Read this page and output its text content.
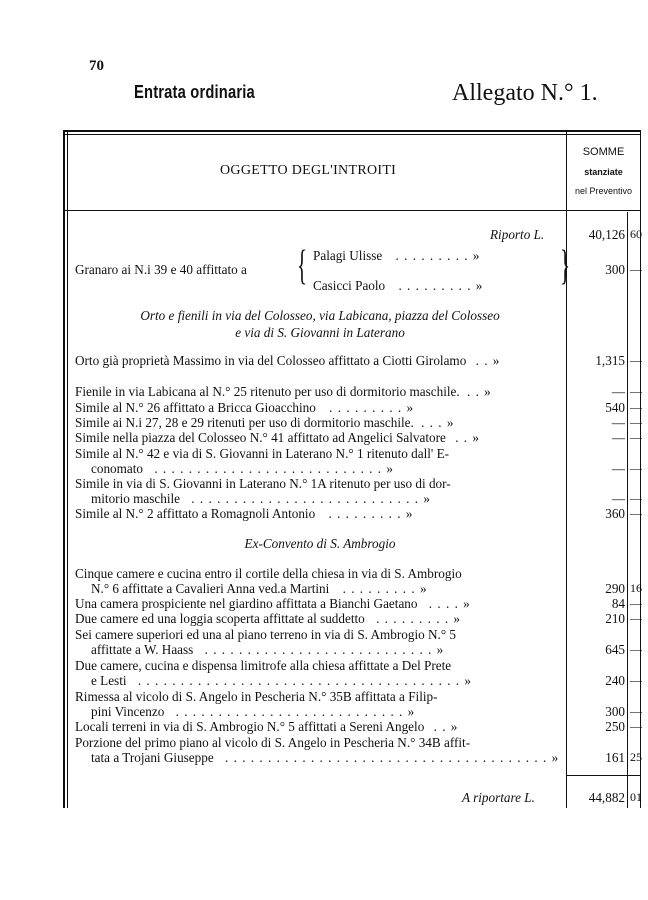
70
Entrata ordinaria	Allegato N.° 1.
OGGETTO DEGL'INTROITI
SOMME
stanziate
nel Preventivo
Riporto L.	40,126 60
Granaro ai N.i 39 e 40 affittato a { Palagi Ulisse . . . . . . . . . »
Casicci Paolo . . . . . . . . . » }	300 —
Orto e fienili in via del Colosseo, via Labicana, piazza del Colosseo
e via di S. Giovanni in Laterano
Orto già proprietà Massimo in via del Colosseo affittato a Ciotti Girolamo . . »	1,315 —
Fienile in via Labicana al N.° 25 ritenuto per uso di dormitorio maschile. . . »	— —
Simile al N.° 26 affittato a Bricca Gioacchino . . . . . . . . . »	540 —
Simile ai N.i 27, 28 e 29 ritenuti per uso di dormitorio maschile. . . . »	— —
Simile nella piazza del Colosseo N.° 41 affittato ad Angelici Salvatore . . »	— —
Simile al N.° 42 e via di S. Giovanni in Laterano N.° 1 ritenuto dall' E-
conomato . . . . . . . . . . . . . . . . . . . . . . . . . . . »	— —
Simile in via di S. Giovanni in Laterano N.° 1A ritenuto per uso di dor-
mitorio maschile . . . . . . . . . . . . . . . . . . . . . . . . . . . »	— —
Simile al N.° 2 affittato a Romagnoli Antonio . . . . . . . . . »	360 —
Ex-Convento di S. Ambrogio
Cinque camere e cucina entro il cortile della chiesa in via di S. Ambrogio
N.° 6 affittate a Cavalieri Anna ved.a Martini . . . . . . . . . »	290 16
Una camera prospiciente nel giardino affittata a Bianchi Gaetano . . . . »	84 —
Due camere ed una loggia scoperta affittate al suddetto . . . . . . . . . »	210 —
Sei camere superiori ed una al piano terreno in via di S. Ambrogio N.° 5
affittate a W. Haass . . . . . . . . . . . . . . . . . . . . . . . . . . . »	645 —
Due camere, cucina e dispensa limitrofe alla chiesa affittate a Del Prete
e Lesti . . . . . . . . . . . . . . . . . . . . . . . . . . . . . . . . . . . . . . »	240 —
Rimessa al vicolo di S. Angelo in Pescheria N.° 35B affittata a Filip-
pini Vincenzo . . . . . . . . . . . . . . . . . . . . . . . . . . . »	300 —
Locali terreni in via di S. Ambrogio N.° 5 affittati a Sereni Angelo . . »	250 —
Porzione del primo piano al vicolo di S. Angelo in Pescheria N.° 34B affit-
tata a Trojani Giuseppe . . . . . . . . . . . . . . . . . . . . . . . . . . . . . . . . . . . . . . »	161 25
A riportare L.	44,882 01
